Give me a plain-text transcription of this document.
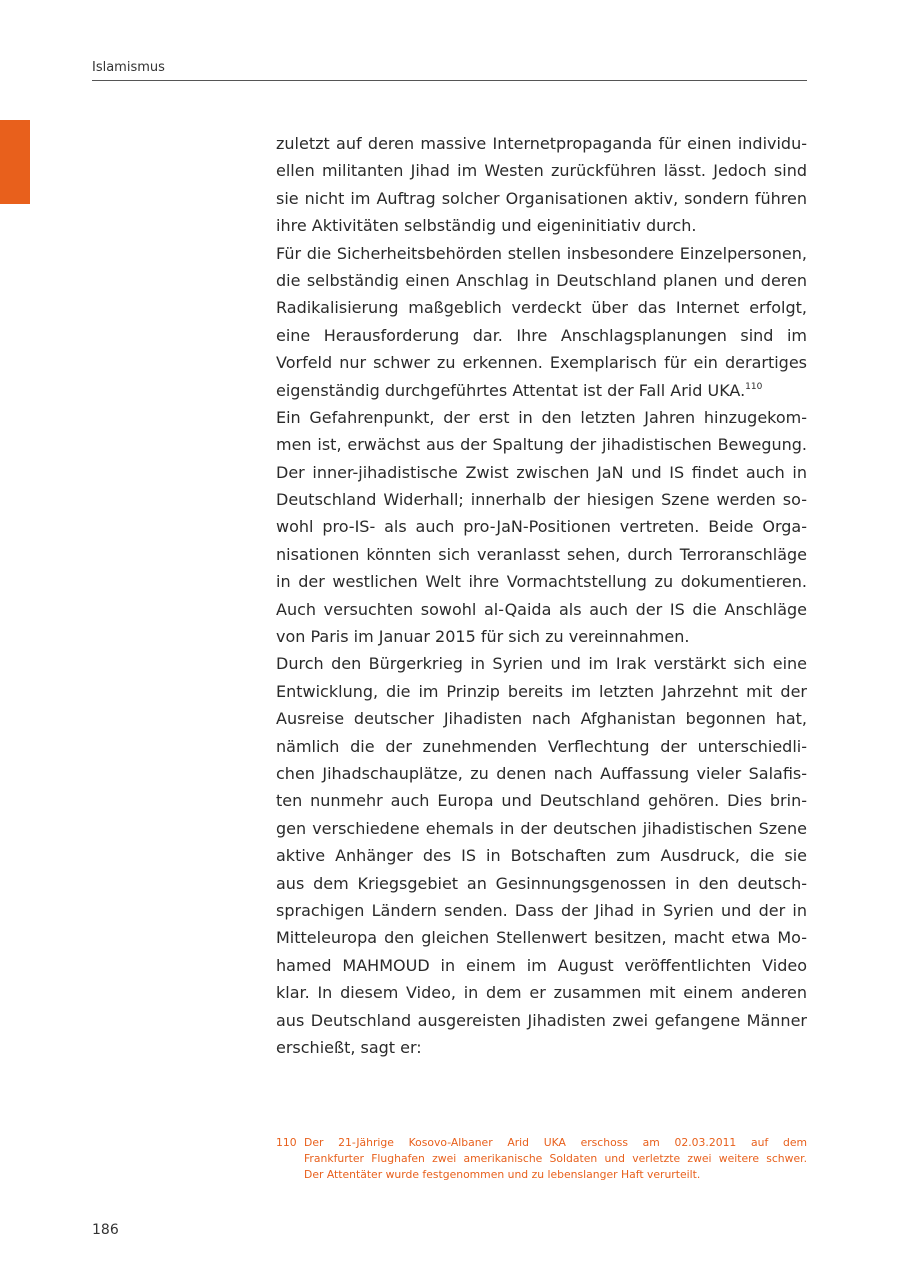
Islamismus
zuletzt auf deren massive Internetpropaganda für einen individu-
ellen militanten Jihad im Westen zurückführen lässt. Jedoch sind
sie nicht im Auftrag solcher Organisationen aktiv, sondern führen
ihre Aktivitäten selbständig und eigeninitiativ durch.
Für die Sicherheitsbehörden stellen insbesondere Einzelpersonen,
die selbständig einen Anschlag in Deutschland planen und deren
Radikalisierung maßgeblich verdeckt über das Internet erfolgt,
eine Herausforderung dar. Ihre Anschlagsplanungen sind im
Vorfeld nur schwer zu erkennen. Exemplarisch für ein derartiges
eigenständig durchgeführtes Attentat ist der Fall Arid UKA.$^{110}$
Ein Gefahrenpunkt, der erst in den letzten Jahren hinzugekom-
men ist, erwächst aus der Spaltung der jihadistischen Bewegung.
Der inner-jihadistische Zwist zwischen JaN und IS findet auch in
Deutschland Widerhall; innerhalb der hiesigen Szene werden so-
wohl pro-IS- als auch pro-JaN-Positionen vertreten. Beide Orga-
nisationen könnten sich veranlasst sehen, durch Terroranschläge
in der westlichen Welt ihre Vormachtstellung zu dokumentieren.
Auch versuchten sowohl al-Qaida als auch der IS die Anschläge
von Paris im Januar 2015 für sich zu vereinnahmen.
Durch den Bürgerkrieg in Syrien und im Irak verstärkt sich eine
Entwicklung, die im Prinzip bereits im letzten Jahrzehnt mit der
Ausreise deutscher Jihadisten nach Afghanistan begonnen hat,
nämlich die der zunehmenden Verflechtung der unterschiedli-
chen Jihadschauplätze, zu denen nach Auffassung vieler Salafis-
ten nunmehr auch Europa und Deutschland gehören. Dies brin-
gen verschiedene ehemals in der deutschen jihadistischen Szene
aktive Anhänger des IS in Botschaften zum Ausdruck, die sie
aus dem Kriegsgebiet an Gesinnungsgenossen in den deutsch-
sprachigen Ländern senden. Dass der Jihad in Syrien und der in
Mitteleuropa den gleichen Stellenwert besitzen, macht etwa Mo-
hamed MAHMOUD in einem im August veröffentlichten Video
klar. In diesem Video, in dem er zusammen mit einem anderen
aus Deutschland ausgereisten Jihadisten zwei gefangene Männer
erschießt, sagt er:
110 Der 21-Jährige Kosovo-Albaner Arid UKA erschoss am 02.03.2011 auf dem
Frankfurter Flughafen zwei amerikanische Soldaten und verletzte zwei weitere schwer.
Der Attentäter wurde festgenommen und zu lebenslanger Haft verurteilt.
186
